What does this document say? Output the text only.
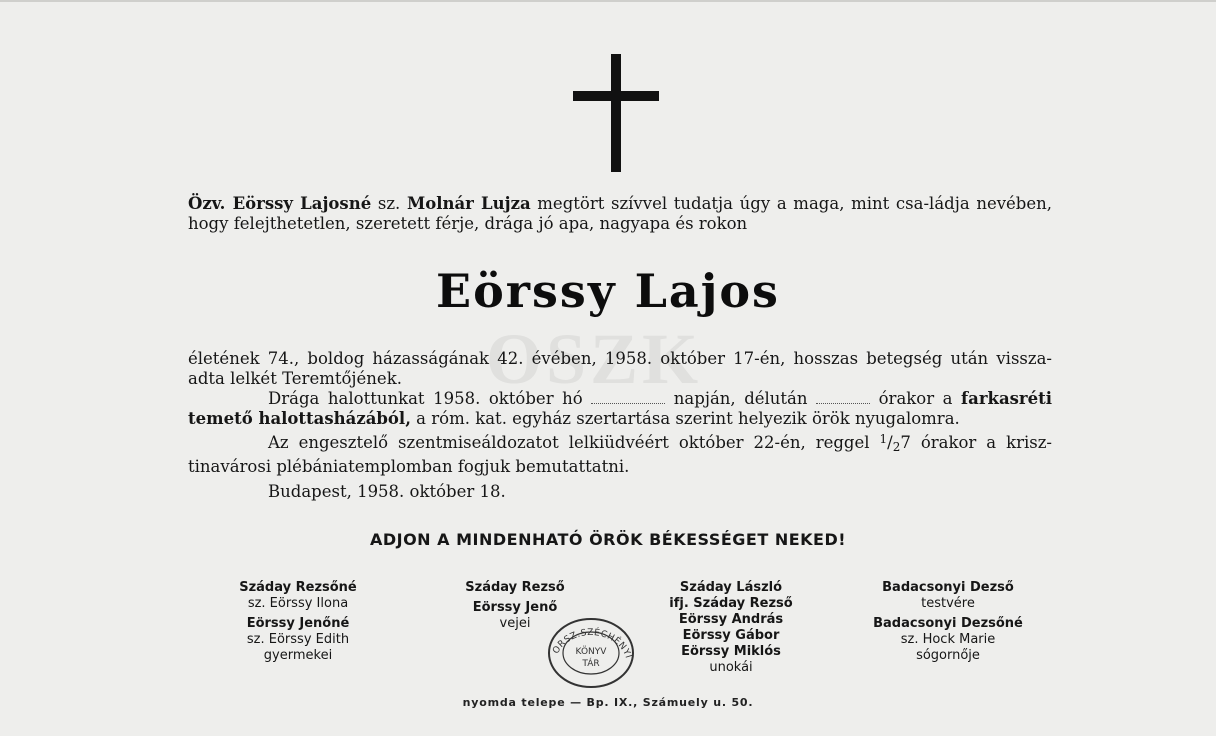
Özv. Eörssy Lajosné sz. Molnár Lujza megtört szívvel tudatja úgy a maga, mint csa-ládja nevében, hogy felejthetetlen, szeretett férje, drága jó apa, nagyapa és rokon
OSZK
Eörssy Lajos
életének 74., boldog házasságának 42. évében, 1958. október 17-én, hosszas betegség után vissza-adta lelkét Teremtőjének.
Drága halottunkat 1958. október hó	napján, délután	órakor a farkasréti temető halottasházából, a róm. kat. egyház szertartása szerint helyezik örök nyugalomra.
Az engesztelő szentmiseáldozatot lelkiüdvéért október 22-én, reggel $^1$/27 órakor a krisz-tinavárosi plébániatemplomban fogjuk bemutattatni.
Budapest, 1958. október 18.
ADJON A MINDENHATÓ ÖRÖK BÉKESSÉGET NEKED!
Száday Rezsőné
sz. Eörssy Ilona
Eörssy Jenőné
sz. Eörssy Edith
gyermekei
Száday Rezső
Eörssy Jenő
vejei
Száday László
ifj. Száday Rezső
Eörssy András
Eörssy Gábor
Eörssy Miklós
unokái
Badacsonyi Dezső
testvére
Badacsonyi Dezsőné
sz. Hock Marie
sógornője
ORSZ.SZÉCHÉNYI
KÖNYV
TÁR
nyomda telepe — Bp. IX., Számuely u. 50.
